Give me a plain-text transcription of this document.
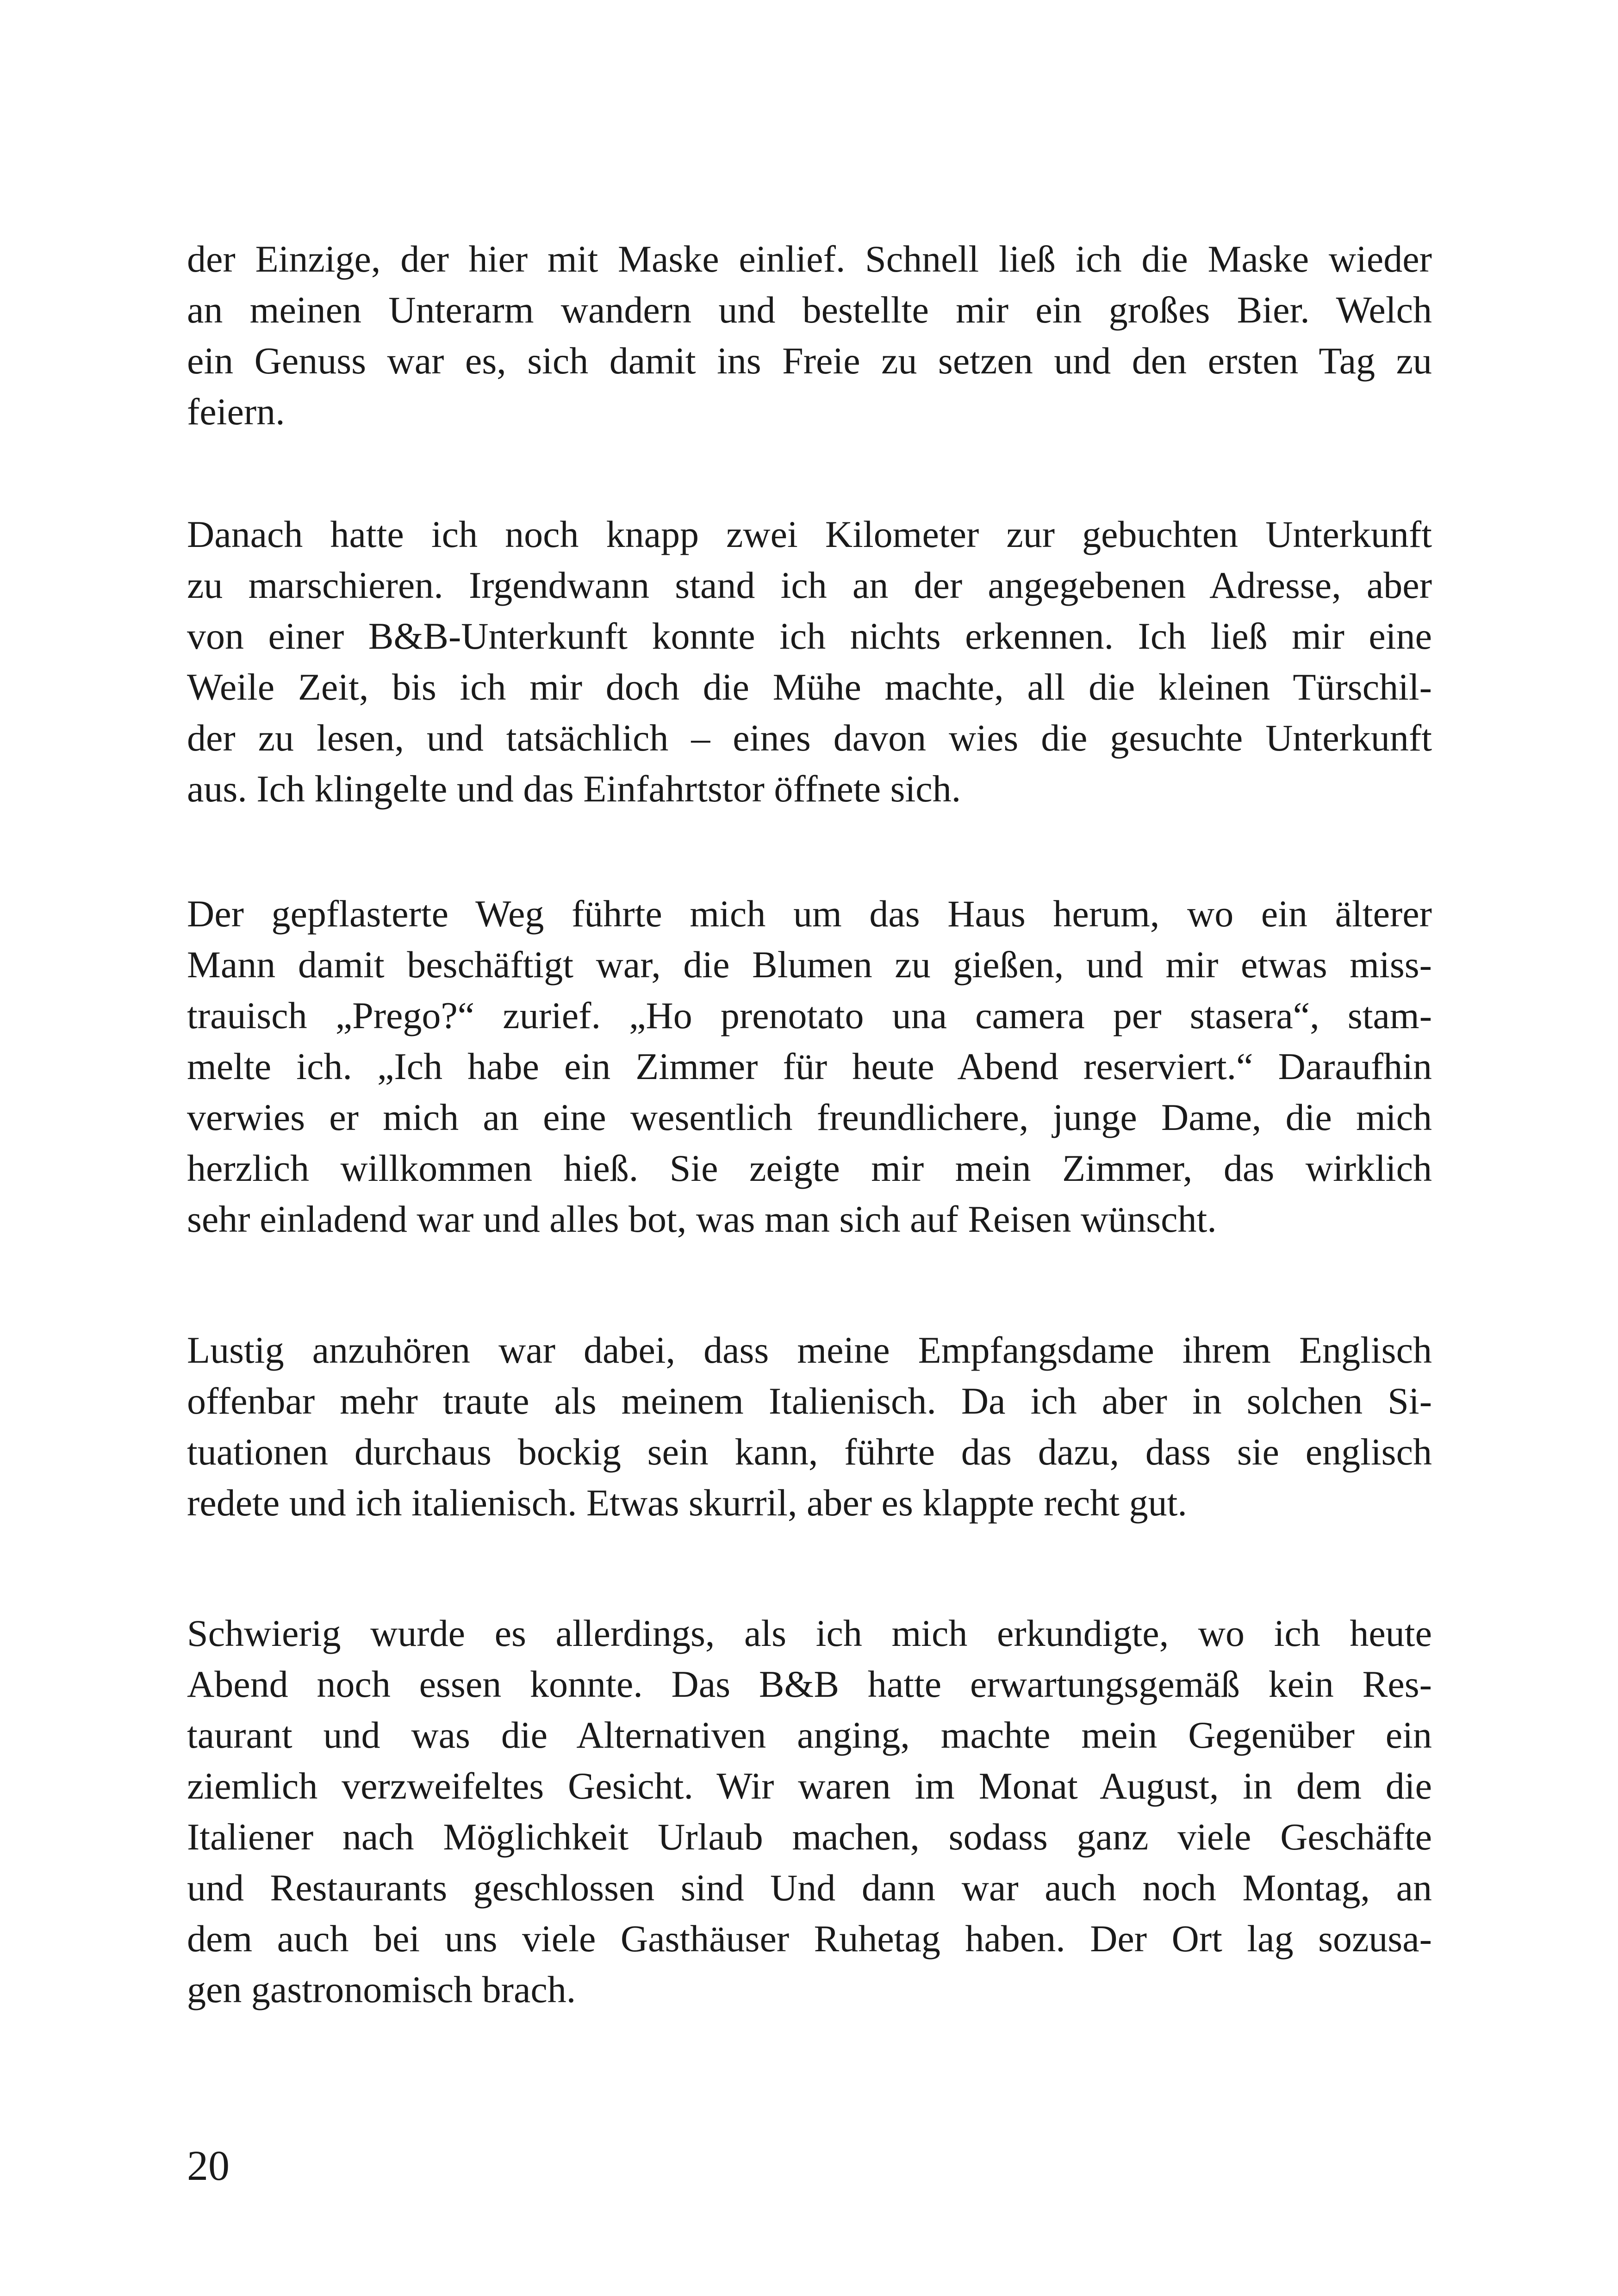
der Einzige, der hier mit Maske einlief. Schnell ließ ich die Maske wieder
an meinen Unterarm wandern und bestellte mir ein großes Bier. Welch
ein Genuss war es, sich damit ins Freie zu setzen und den ersten Tag zu
feiern.

Danach hatte ich noch knapp zwei Kilometer zur gebuchten Unterkunft
zu marschieren. Irgendwann stand ich an der angegebenen Adresse, aber
von einer B&B-Unterkunft konnte ich nichts erkennen. Ich ließ mir eine
Weile Zeit, bis ich mir doch die Mühe machte, all die kleinen Türschil-
der zu lesen, und tatsächlich – eines davon wies die gesuchte Unterkunft
aus. Ich klingelte und das Einfahrtstor öffnete sich.

Der gepflasterte Weg führte mich um das Haus herum, wo ein älterer
Mann damit beschäftigt war, die Blumen zu gießen, und mir etwas miss-
trauisch „Prego?“ zurief. „Ho prenotato una camera per stasera“, stam-
melte ich. „Ich habe ein Zimmer für heute Abend reserviert.“ Daraufhin
verwies er mich an eine wesentlich freundlichere, junge Dame, die mich
herzlich willkommen hieß. Sie zeigte mir mein Zimmer, das wirklich
sehr einladend war und alles bot, was man sich auf Reisen wünscht.

Lustig anzuhören war dabei, dass meine Empfangsdame ihrem Englisch
offenbar mehr traute als meinem Italienisch. Da ich aber in solchen Si-
tuationen durchaus bockig sein kann, führte das dazu, dass sie englisch
redete und ich italienisch. Etwas skurril, aber es klappte recht gut.

Schwierig wurde es allerdings, als ich mich erkundigte, wo ich heute
Abend noch essen konnte. Das B&B hatte erwartungsgemäß kein Res-
taurant und was die Alternativen anging, machte mein Gegenüber ein
ziemlich verzweifeltes Gesicht. Wir waren im Monat August, in dem die
Italiener nach Möglichkeit Urlaub machen, sodass ganz viele Geschäfte
und Restaurants geschlossen sind Und dann war auch noch Montag, an
dem auch bei uns viele Gasthäuser Ruhetag haben. Der Ort lag sozusa-
gen gastronomisch brach.

20
